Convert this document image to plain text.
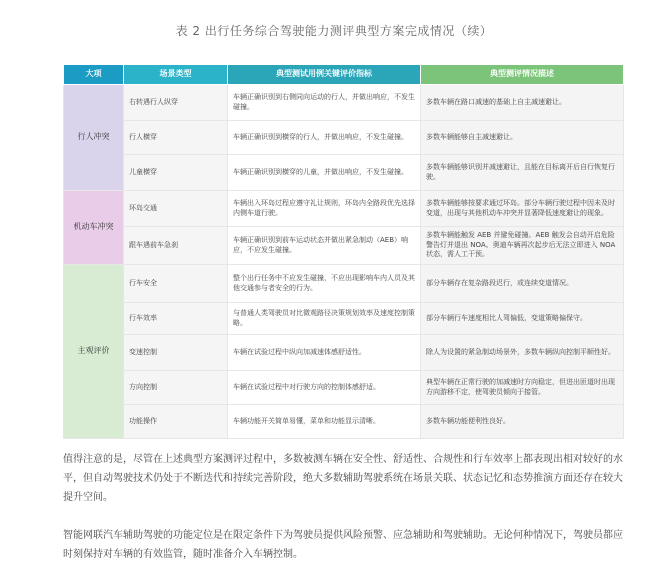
表 2 出行任务综合驾驶能力测评典型方案完成情况（续）
大项	场景类型	典型测试用例关键评价指标	典型测评情况描述
行人冲突	右转遇行人纵穿	车辆正确识别到右侧同向运动的行人，并做出响应，不发生碰撞。	多数车辆在路口减速的基础上自主减速避让。
	行人横穿	车辆正确识别到横穿的行人，并做出响应，不发生碰撞。	多数车辆能够自主减速避让。
	儿童横穿	车辆正确识别到横穿的儿童，并做出响应，不发生碰撞。	多数车辆能够识别并减速避让，且能在目标离开后自行恢复行驶。
机动车冲突	环岛交通	车辆出入环岛过程应遵守礼让规则，环岛内全路段优先选择内侧车道行驶。	多数车辆能够按要求通过环岛。部分车辆行驶过程中因未及时变道，出现与其他机动车冲突并显著降低速度避让的现象。
	跟车遇前车急刹	车辆正确识别到前车运动状态并做出紧急制动（AEB）响应，不应发生碰撞。	多数车辆能触发 AEB 并避免碰撞。AEB 触发会自动开启危险警告灯并退出 NOA。奥迪车辆再次起步后无法立即进入 NOA 状态，需人工干预。
主观评价	行车安全	整个出行任务中不应发生碰撞，不应出现影响车内人员及其他交通参与者安全的行为。	部分车辆存在复杂路段迟行，或连续变道情况。
	行车效率	与普通人类驾驶员对比微观路径决策规划效率及速度控制策略。	部分车辆行车速度相比人驾偏低，变道策略偏保守。
	变速控制	车辆在试验过程中纵向加减速体感舒适性。	除人为设置的紧急制动场景外，多数车辆纵向控制平顺性好。
	方向控制	车辆在试验过程中对行驶方向的控制体感舒适。	典型车辆在正常行驶的加减速时方向稳定，但进出匝道时出现方向游移不定，使驾驶员倾向于接管。
	功能操作	车辆功能开关简单易懂，菜单和功能显示清晰。	多数车辆功能便利性良好。

值得注意的是，尽管在上述典型方案测评过程中，多数被测车辆在安全性、舒适性、合规性和行车效率上都表现出相对较好的水平，但自动驾驶技术仍处于不断迭代和持续完善阶段，绝大多数辅助驾驶系统在场景关联、状态记忆和态势推演方面还存在较大提升空间。

智能网联汽车辅助驾驶的功能定位是在限定条件下为驾驶员提供风险预警、应急辅助和驾驶辅助。无论何种情况下，驾驶员都应时刻保持对车辆的有效监管，随时准备介入车辆控制。
